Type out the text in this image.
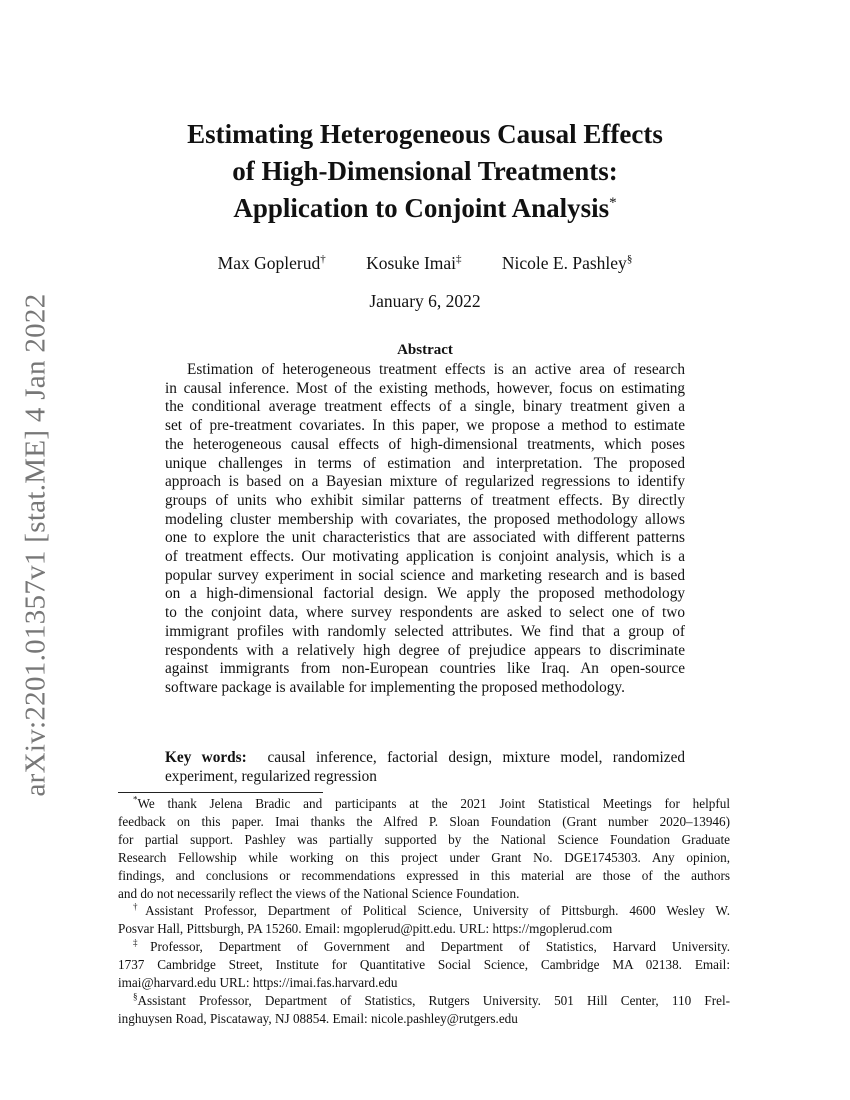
arXiv:2201.01357v1 [stat.ME] 4 Jan 2022
Estimating Heterogeneous Causal Effects
of High-Dimensional Treatments:
Application to Conjoint Analysis*
Max Goplerud† Kosuke Imai‡ Nicole E. Pashley§
January 6, 2022
Abstract
Estimation of heterogeneous treatment effects is an active area of research
in causal inference. Most of the existing methods, however, focus on estimating
the conditional average treatment effects of a single, binary treatment given a
set of pre-treatment covariates. In this paper, we propose a method to estimate
the heterogeneous causal effects of high-dimensional treatments, which poses
unique challenges in terms of estimation and interpretation. The proposed
approach is based on a Bayesian mixture of regularized regressions to identify
groups of units who exhibit similar patterns of treatment effects. By directly
modeling cluster membership with covariates, the proposed methodology allows
one to explore the unit characteristics that are associated with different patterns
of treatment effects. Our motivating application is conjoint analysis, which is a
popular survey experiment in social science and marketing research and is based
on a high-dimensional factorial design. We apply the proposed methodology
to the conjoint data, where survey respondents are asked to select one of two
immigrant profiles with randomly selected attributes. We find that a group of
respondents with a relatively high degree of prejudice appears to discriminate
against immigrants from non-European countries like Iraq. An open-source
software package is available for implementing the proposed methodology.
Key words: causal inference, factorial design, mixture model, randomized
experiment, regularized regression
*We thank Jelena Bradic and participants at the 2021 Joint Statistical Meetings for helpful
feedback on this paper. Imai thanks the Alfred P. Sloan Foundation (Grant number 2020–13946)
for partial support. Pashley was partially supported by the National Science Foundation Graduate
Research Fellowship while working on this project under Grant No. DGE1745303. Any opinion,
findings, and conclusions or recommendations expressed in this material are those of the authors
and do not necessarily reflect the views of the National Science Foundation.
†Assistant Professor, Department of Political Science, University of Pittsburgh. 4600 Wesley W.
Posvar Hall, Pittsburgh, PA 15260. Email: mgoplerud@pitt.edu. URL: https://mgoplerud.com
‡Professor, Department of Government and Department of Statistics, Harvard University.
1737 Cambridge Street, Institute for Quantitative Social Science, Cambridge MA 02138. Email:
imai@harvard.edu URL: https://imai.fas.harvard.edu
§Assistant Professor, Department of Statistics, Rutgers University. 501 Hill Center, 110 Frel-
inghuysen Road, Piscataway, NJ 08854. Email: nicole.pashley@rutgers.edu
